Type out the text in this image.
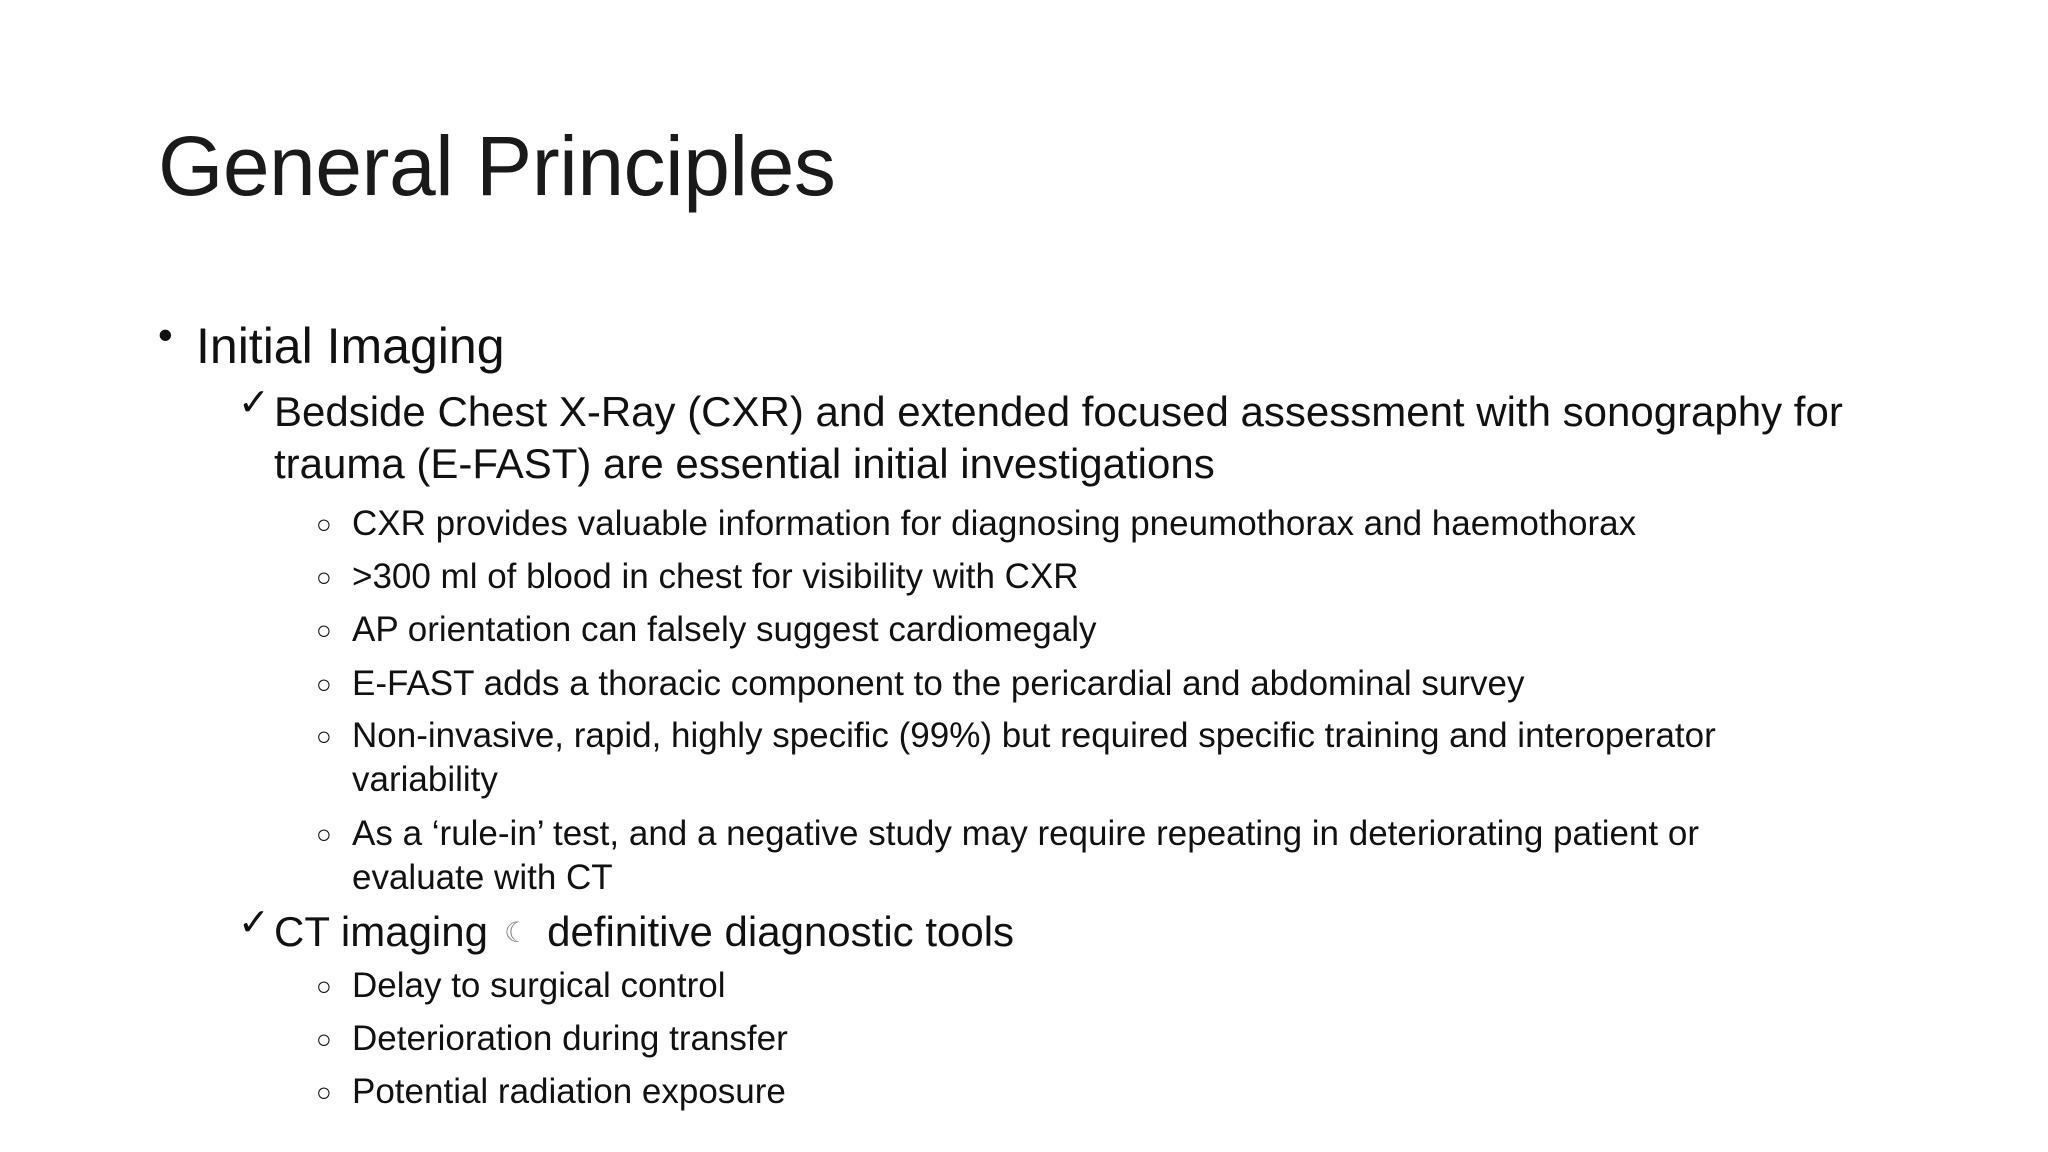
General Principles
• Initial Imaging
✓ Bedside Chest X-Ray (CXR) and extended focused assessment with sonography for trauma (E-FAST) are essential initial investigations
○ CXR provides valuable information for diagnosing pneumothorax and haemothorax
○ >300 ml of blood in chest for visibility with CXR
○ AP orientation can falsely suggest cardiomegaly
○ E-FAST adds a thoracic component to the pericardial and abdominal survey
○ Non-invasive, rapid, highly specific (99%) but required specific training and interoperator variability
○ As a ‘rule-in’ test, and a negative study may require repeating in deteriorating patient or evaluate with CT
✓ CT imaging ☾ definitive diagnostic tools
○ Delay to surgical control
○ Deterioration during transfer
○ Potential radiation exposure
